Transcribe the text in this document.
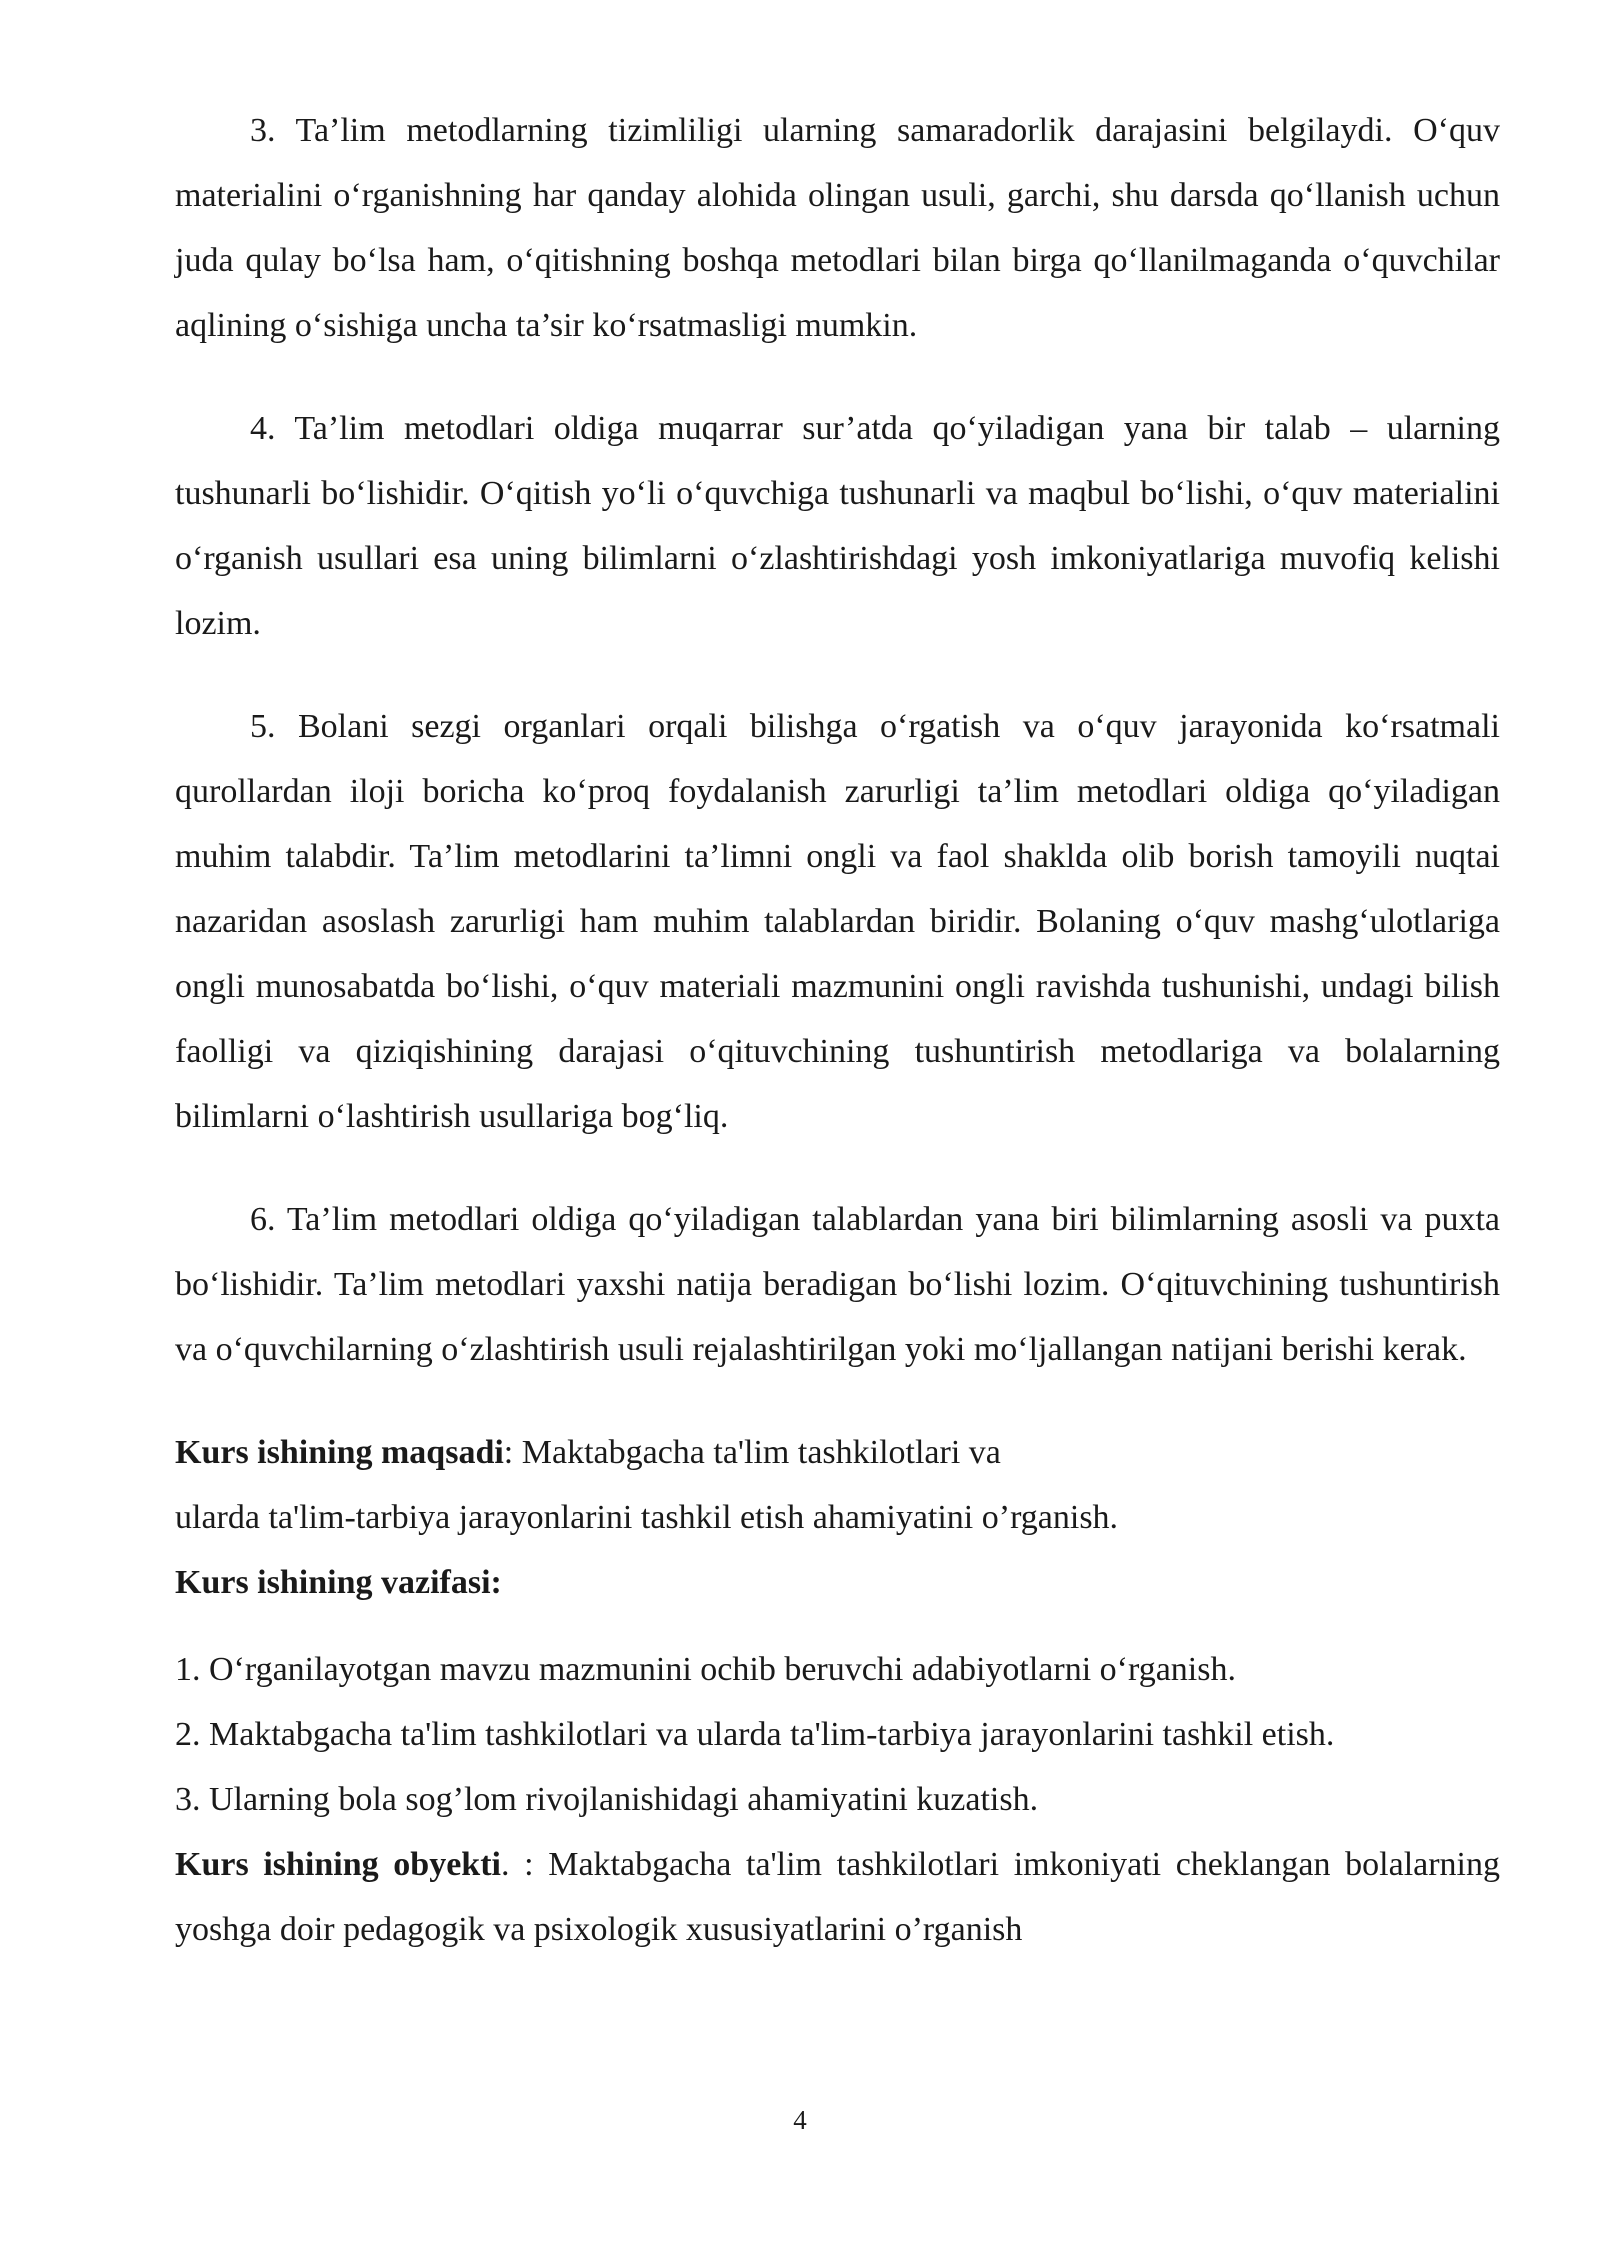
3. Ta’lim metodlarning tizimliligi ularning samaradorlik darajasini belgilaydi. O‘quv materialini o‘rganishning har qanday alohida olingan usuli, garchi, shu darsda qo‘llanish uchun juda qulay bo‘lsa ham, o‘qitishning boshqa metodlari bilan birga qo‘llanilmaganda o‘quvchilar aqlining o‘sishiga uncha ta’sir ko‘rsatmasligi mumkin.

4. Ta’lim metodlari oldiga muqarrar sur’atda qo‘yiladigan yana bir talab – ularning tushunarli bo‘lishidir. O‘qitish yo‘li o‘quvchiga tushunarli va maqbul bo‘lishi, o‘quv materialini o‘rganish usullari esa uning bilimlarni o‘zlashtirishdagi yosh imkoniyatlariga muvofiq kelishi lozim.

5. Bolani sezgi organlari orqali bilishga o‘rgatish va o‘quv jarayonida ko‘rsatmali qurollardan iloji boricha ko‘proq foydalanish zarurligi ta’lim metodlari oldiga qo‘yiladigan muhim talabdir. Ta’lim metodlarini ta’limni ongli va faol shaklda olib borish tamoyili nuqtai nazaridan asoslash zarurligi ham muhim talablardan biridir. Bolaning o‘quv mashg‘ulotlariga ongli munosabatda bo‘lishi, o‘quv materiali mazmunini ongli ravishda tushunishi, undagi bilish faolligi va qiziqishining darajasi o‘qituvchining tushuntirish metodlariga va bolalarning bilimlarni o‘lashtirish usullariga bog‘liq.

6. Ta’lim metodlari oldiga qo‘yiladigan talablardan yana biri bilimlarning asosli va puxta bo‘lishidir. Ta’lim metodlari yaxshi natija beradigan bo‘lishi lozim. O‘qituvchining tushuntirish va o‘quvchilarning o‘zlashtirish usuli rejalashtirilgan yoki mo‘ljallangan natijani berishi kerak.

Kurs ishining maqsadi: Maktabgacha ta'lim tashkilotlari va

ularda ta'lim-tarbiya jarayonlarini tashkil etish ahamiyatini o’rganish.

Kurs ishining vazifasi:

1. O‘rganilayotgan mavzu mazmunini ochib beruvchi adabiyotlarni o‘rganish.

2. Maktabgacha ta'lim tashkilotlari va ularda ta'lim-tarbiya jarayonlarini tashkil etish.

3. Ularning bola sog’lom rivojlanishidagi ahamiyatini kuzatish.

Kurs ishining obyekti. : Maktabgacha ta'lim tashkilotlari imkoniyati cheklangan bolalarning yoshga doir pedagogik va psixologik xususiyatlarini o’rganish

4
